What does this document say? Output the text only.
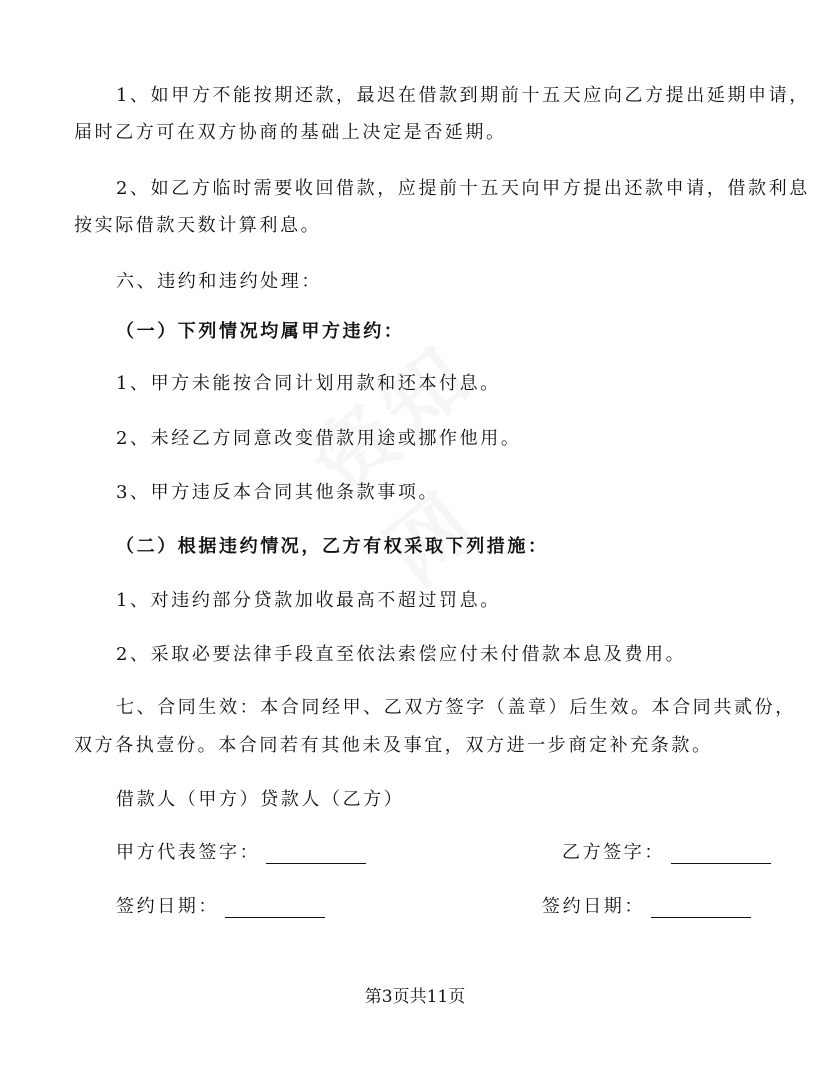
1、如甲方不能按期还款，最迟在借款到期前十五天应向乙方提出延期申请，
届时乙方可在双方协商的基础上决定是否延期。
2、如乙方临时需要收回借款，应提前十五天向甲方提出还款申请，借款利息
按实际借款天数计算利息。
六、违约和违约处理：
（一）下列情况均属甲方违约：
1、甲方未能按合同计划用款和还本付息。
2、未经乙方同意改变借款用途或挪作他用。
3、甲方违反本合同其他条款事项。
（二）根据违约情况，乙方有权采取下列措施：
1、对违约部分贷款加收最高不超过罚息。
2、采取必要法律手段直至依法索偿应付未付借款本息及费用。
七、合同生效：本合同经甲、乙双方签字（盖章）后生效。本合同共贰份，
双方各执壹份。本合同若有其他未及事宜，双方进一步商定补充条款。
借款人（甲方）贷款人（乙方）
甲方代表签字：	乙方签字：
签约日期：	签约日期：
第3页共11页
